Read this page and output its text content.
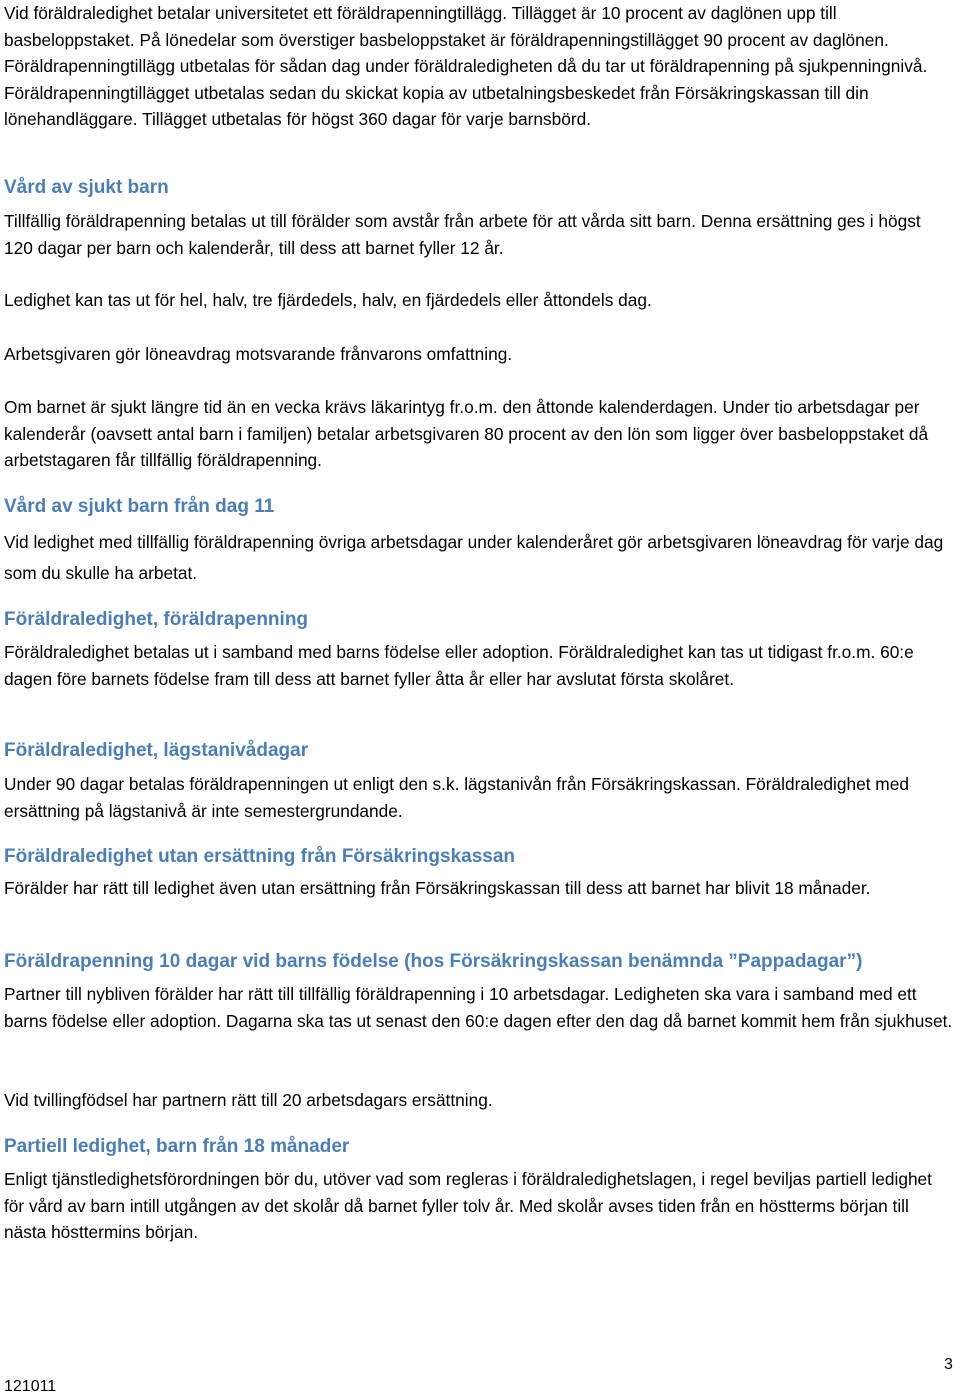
Vid föräldraledighet betalar universitetet ett föräldrapenningtillägg. Tillägget är 10 procent av daglönen upp till basbeloppstaket. På lönedelar som överstiger basbeloppstaket är föräldrapenningstillägget 90 procent av daglönen. Föräldrapenningtillägg utbetalas för sådan dag under föräldraledigheten då du tar ut föräldrapenning på sjukpenningnivå. Föräldrapenningtillägget utbetalas sedan du skickat kopia av utbetalningsbeskedet från Försäkringskassan till din lönehandläggare. Tillägget utbetalas för högst 360 dagar för varje barnsbörd.

Vård av sjukt barn

Tillfällig föräldrapenning betalas ut till förälder som avstår från arbete för att vårda sitt barn. Denna ersättning ges i högst 120 dagar per barn och kalenderår, till dess att barnet fyller 12 år.

Ledighet kan tas ut för hel, halv, tre fjärdedels, halv, en fjärdedels eller åttondels dag.

Arbetsgivaren gör löneavdrag motsvarande frånvarons omfattning.

Om barnet är sjukt längre tid än en vecka krävs läkarintyg fr.o.m. den åttonde kalenderdagen. Under tio arbetsdagar per kalenderår (oavsett antal barn i familjen) betalar arbetsgivaren 80 procent av den lön som ligger över basbeloppstaket då arbetstagaren får tillfällig föräldrapenning.

Vård av sjukt barn från dag 11

Vid ledighet med tillfällig föräldrapenning övriga arbetsdagar under kalenderåret gör arbetsgivaren löneavdrag för varje dag som du skulle ha arbetat.

Föräldraledighet, föräldrapenning

Föräldraledighet betalas ut i samband med barns födelse eller adoption. Föräldraledighet kan tas ut tidigast fr.o.m. 60:e dagen före barnets födelse fram till dess att barnet fyller åtta år eller har avslutat första skolåret.

Föräldraledighet, lägstanivådagar

Under 90 dagar betalas föräldrapenningen ut enligt den s.k. lägstanivån från Försäkringskassan. Föräldraledighet med ersättning på lägstanivå är inte semestergrundande.

Föräldraledighet utan ersättning från Försäkringskassan

Förälder har rätt till ledighet även utan ersättning från Försäkringskassan till dess att barnet har blivit 18 månader.

Föräldrapenning 10 dagar vid barns födelse (hos Försäkringskassan benämnda ”Pappadagar”)

Partner till nybliven förälder har rätt till tillfällig föräldrapenning i 10 arbetsdagar. Ledigheten ska vara i samband med ett barns födelse eller adoption. Dagarna ska tas ut senast den 60:e dagen efter den dag då barnet kommit hem från sjukhuset.

Vid tvillingfödsel har partnern rätt till 20 arbetsdagars ersättning.

Partiell ledighet, barn från 18 månader

Enligt tjänstledighetsförordningen bör du, utöver vad som regleras i föräldraledighetslagen, i regel beviljas partiell ledighet för vård av barn intill utgången av det skolår då barnet fyller tolv år. Med skolår avses tiden från en höstterms början till nästa hösttermins början.

3
121011
